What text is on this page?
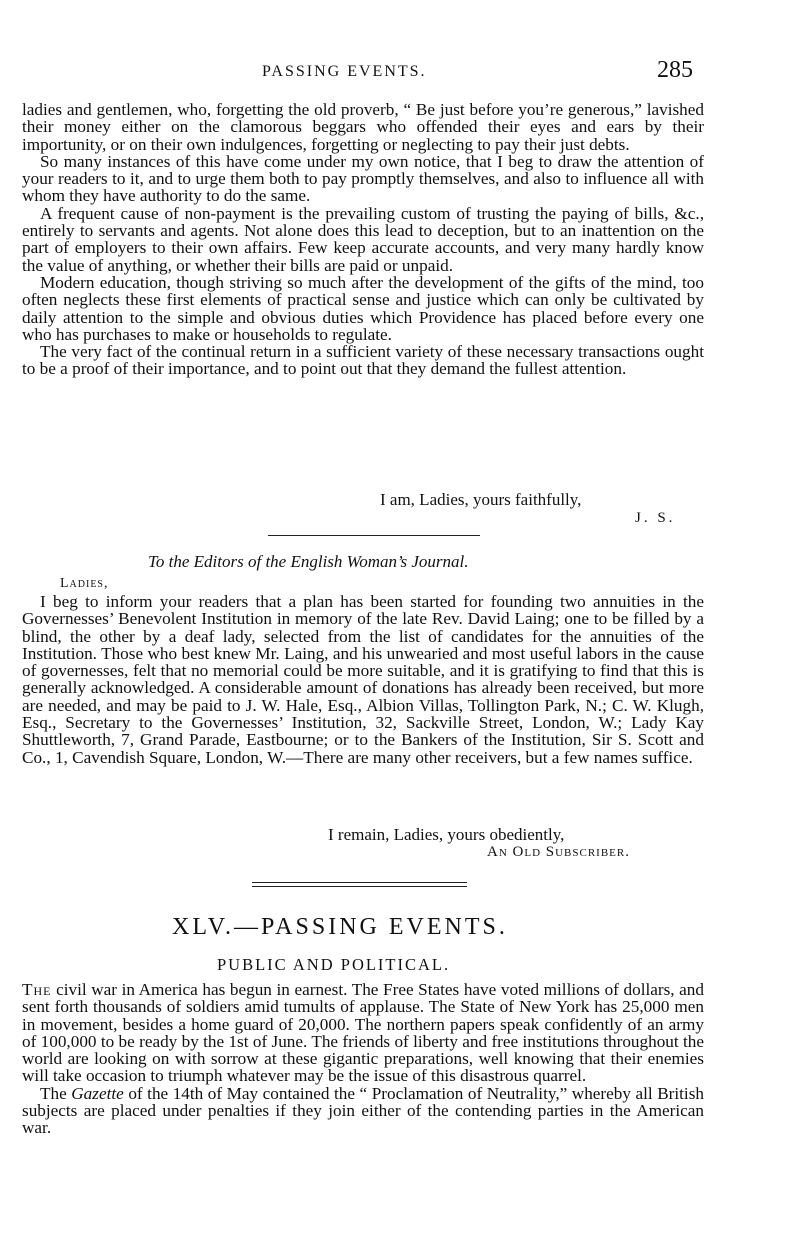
PASSING EVENTS.	285

ladies and gentlemen, who, forgetting the old proverb, “ Be just before you’re generous,” lavished their money either on the clamorous beggars who offended their eyes and ears by their importunity, or on their own indulgences, forgetting or neglecting to pay their just debts.

So many instances of this have come under my own notice, that I beg to draw the attention of your readers to it, and to urge them both to pay promptly themselves, and also to influence all with whom they have authority to do the same.

A frequent cause of non-payment is the prevailing custom of trusting the paying of bills, &c., entirely to servants and agents. Not alone does this lead to deception, but to an inattention on the part of employers to their own affairs. Few keep accurate accounts, and very many hardly know the value of anything, or whether their bills are paid or unpaid.

Modern education, though striving so much after the development of the gifts of the mind, too often neglects these first elements of practical sense and justice which can only be cultivated by daily attention to the simple and obvious duties which Providence has placed before every one who has purchases to make or households to regulate.

The very fact of the continual return in a sufficient variety of these necessary transactions ought to be a proof of their importance, and to point out that they demand the fullest attention.

I am, Ladies, yours faithfully,
J. S.
To the Editors of the English Woman’s Journal.
Ladies,

I beg to inform your readers that a plan has been started for founding two annuities in the Governesses’ Benevolent Institution in memory of the late Rev. David Laing; one to be filled by a blind, the other by a deaf lady, selected from the list of candidates for the annuities of the Institution. Those who best knew Mr. Laing, and his unwearied and most useful labors in the cause of governesses, felt that no memorial could be more suitable, and it is gratifying to find that this is generally acknowledged. A considerable amount of donations has already been received, but more are needed, and may be paid to J. W. Hale, Esq., Albion Villas, Tollington Park, N.; C. W. Klugh, Esq., Secretary to the Governesses’ Institution, 32, Sackville Street, London, W.; Lady Kay Shuttleworth, 7, Grand Parade, Eastbourne; or to the Bankers of the Institution, Sir S. Scott and Co., 1, Cavendish Square, London, W.—There are many other receivers, but a few names suffice.

I remain, Ladies, yours obediently,
An Old Subscriber.
XLV.—PASSING EVENTS.
PUBLIC AND POLITICAL.

The civil war in America has begun in earnest. The Free States have voted millions of dollars, and sent forth thousands of soldiers amid tumults of applause. The State of New York has 25,000 men in movement, besides a home guard of 20,000. The northern papers speak confidently of an army of 100,000 to be ready by the 1st of June. The friends of liberty and free institutions throughout the world are looking on with sorrow at these gigantic preparations, well knowing that their enemies will take occasion to triumph whatever may be the issue of this disastrous quarrel.

The Gazette of the 14th of May contained the “ Proclamation of Neutrality,” whereby all British subjects are placed under penalties if they join either of the contending parties in the American war.
